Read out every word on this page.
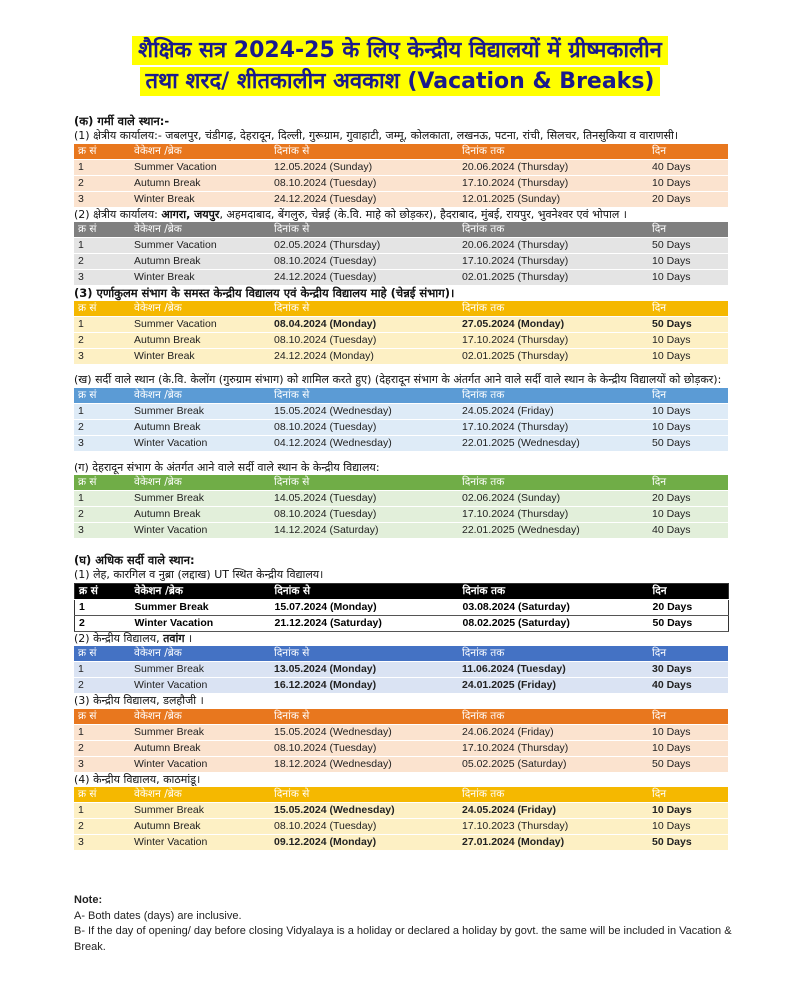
शैक्षिक सत्र 2024-25 के लिए केन्द्रीय विद्यालयों में ग्रीष्मकालीन
तथा शरद/ शीतकालीन अवकाश (Vacation & Breaks)
(क) गर्मी वाले स्थान:-
(1) क्षेत्रीय कार्यालय:- जबलपुर, चंडीगढ़, देहरादून, दिल्ली, गुरूग्राम, गुवाहाटी, जम्मू, कोलकाता, लखनऊ, पटना, रांची, सिलचर, तिनसुकिया व वाराणसी।
क्र सं	वेकेशन /ब्रेक	दिनांक से	दिनांक तक	दिन
1	Summer Vacation	12.05.2024 (Sunday)	20.06.2024 (Thursday)	40 Days
2	Autumn Break	08.10.2024 (Tuesday)	17.10.2024 (Thursday)	10 Days
3	Winter Break	24.12.2024 (Tuesday)	12.01.2025 (Sunday)	20 Days
(2) क्षेत्रीय कार्यालय: आगरा, जयपुर, अहमदाबाद, बेंगलुरु, चेन्नई (के.वि. माहे को छोड़कर), हैदराबाद, मुंबई, रायपुर, भुवनेश्वर एवं भोपाल ।
क्र सं	वेकेशन /ब्रेक	दिनांक से	दिनांक तक	दिन
1	Summer Vacation	02.05.2024 (Thursday)	20.06.2024 (Thursday)	50 Days
2	Autumn Break	08.10.2024 (Tuesday)	17.10.2024 (Thursday)	10 Days
3	Winter Break	24.12.2024 (Tuesday)	02.01.2025 (Thursday)	10 Days
(3) एर्णाकुलम संभाग के समस्त केन्द्रीय विद्यालय एवं केन्द्रीय विद्यालय माहे (चेन्नई संभाग)।
क्र सं	वेकेशन /ब्रेक	दिनांक से	दिनांक तक	दिन
1	Summer Vacation	08.04.2024 (Monday)	27.05.2024 (Monday)	50 Days
2	Autumn Break	08.10.2024 (Tuesday)	17.10.2024 (Thursday)	10 Days
3	Winter Break	24.12.2024 (Monday)	02.01.2025 (Thursday)	10 Days
(ख) सर्दी वाले स्थान (के.वि. केलोंग (गुरुग्राम संभाग) को शामिल करते हुए) (देहरादून संभाग के अंतर्गत आने वाले सर्दी वाले स्थान के केन्द्रीय विद्यालयों को छोड़कर):
क्र सं	वेकेशन /ब्रेक	दिनांक से	दिनांक तक	दिन
1	Summer Break	15.05.2024 (Wednesday)	24.05.2024 (Friday)	10 Days
2	Autumn Break	08.10.2024 (Tuesday)	17.10.2024 (Thursday)	10 Days
3	Winter Vacation	04.12.2024 (Wednesday)	22.01.2025 (Wednesday)	50 Days
(ग) देहरादून संभाग के अंतर्गत आने वाले सर्दी वाले स्थान के केन्द्रीय विद्यालय:
क्र सं	वेकेशन /ब्रेक	दिनांक से	दिनांक तक	दिन
1	Summer Break	14.05.2024 (Tuesday)	02.06.2024 (Sunday)	20 Days
2	Autumn Break	08.10.2024 (Tuesday)	17.10.2024 (Thursday)	10 Days
3	Winter Vacation	14.12.2024 (Saturday)	22.01.2025 (Wednesday)	40 Days
(घ) अधिक सर्दी वाले स्थान:
(1) लेह, कारगिल व नुब्रा (लद्दाख) UT स्थित केन्द्रीय विद्यालय।
क्र सं	वेकेशन /ब्रेक	दिनांक से	दिनांक तक	दिन
1	Summer Break	15.07.2024 (Monday)	03.08.2024 (Saturday)	20 Days
2	Winter Vacation	21.12.2024 (Saturday)	08.02.2025 (Saturday)	50 Days
(2) केन्द्रीय विद्यालय, तवांग ।
क्र सं	वेकेशन /ब्रेक	दिनांक से	दिनांक तक	दिन
1	Summer Break	13.05.2024 (Monday)	11.06.2024 (Tuesday)	30 Days
2	Winter Vacation	16.12.2024 (Monday)	24.01.2025 (Friday)	40 Days
(3) केन्द्रीय विद्यालय, डलहौजी ।
क्र सं	वेकेशन /ब्रेक	दिनांक से	दिनांक तक	दिन
1	Summer Break	15.05.2024 (Wednesday)	24.06.2024 (Friday)	10 Days
2	Autumn Break	08.10.2024 (Tuesday)	17.10.2024 (Thursday)	10 Days
3	Winter Vacation	18.12.2024 (Wednesday)	05.02.2025 (Saturday)	50 Days
(4) केन्द्रीय विद्यालय, काठमांडू।
क्र सं	वेकेशन /ब्रेक	दिनांक से	दिनांक तक	दिन
1	Summer Break	15.05.2024 (Wednesday)	24.05.2024 (Friday)	10 Days
2	Autumn Break	08.10.2024 (Tuesday)	17.10.2023 (Thursday)	10 Days
3	Winter Vacation	09.12.2024 (Monday)	27.01.2024 (Monday)	50 Days
Note:
A- Both dates (days) are inclusive.
B- If the day of opening/ day before closing Vidyalaya is a holiday or declared a holiday by govt. the same will be included in Vacation & Break.
